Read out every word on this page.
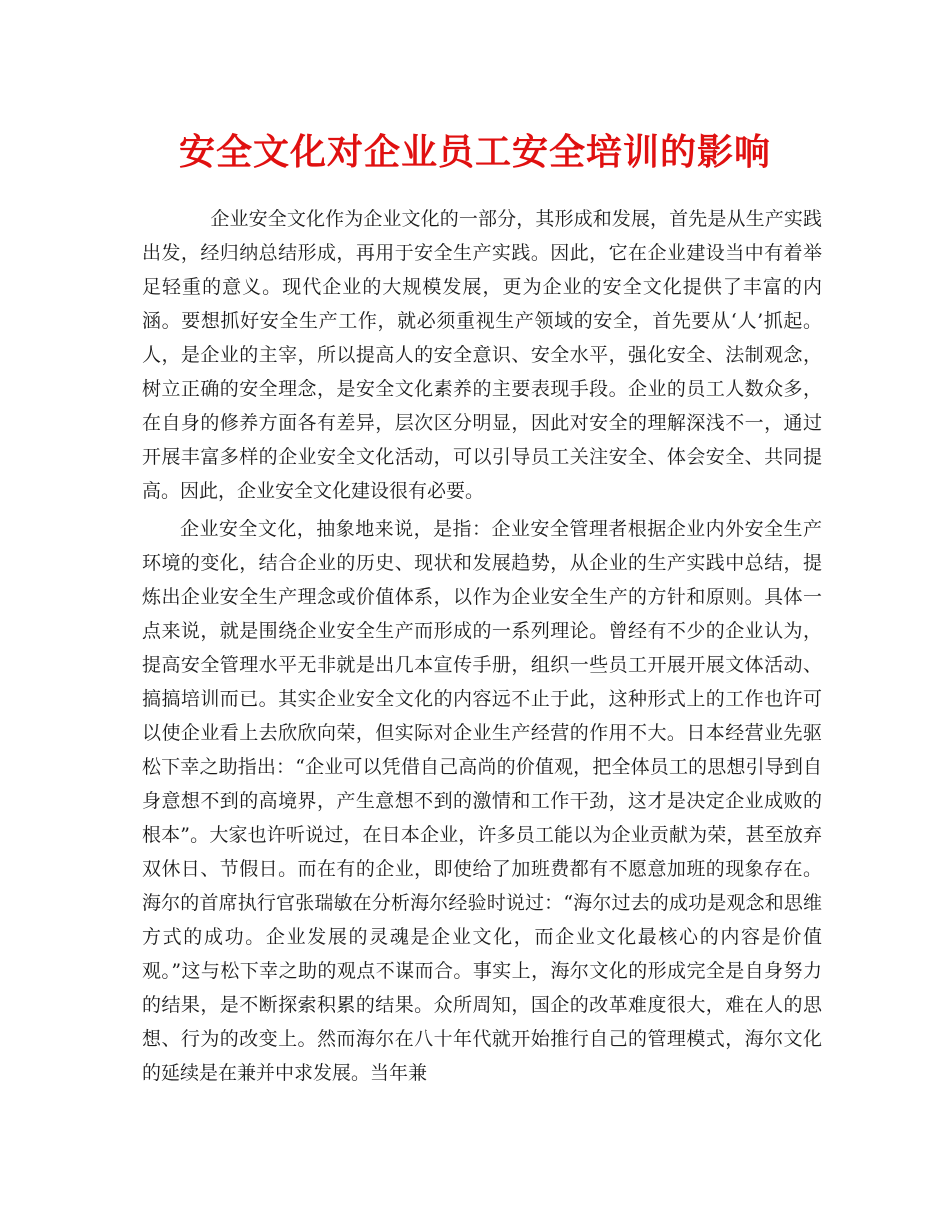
安全文化对企业员工安全培训的影响

企业安全文化作为企业文化的一部分，其形成和发展，首先是从生产实践出发，经归纳总结形成，再用于安全生产实践。因此，它在企业建设当中有着举足轻重的意义。现代企业的大规模发展，更为企业的安全文化提供了丰富的内涵。要想抓好安全生产工作，就必须重视生产领域的安全，首先要从‘人’抓起。人，是企业的主宰，所以提高人的安全意识、安全水平，强化安全、法制观念，树立正确的安全理念，是安全文化素养的主要表现手段。企业的员工人数众多，在自身的修养方面各有差异，层次区分明显，因此对安全的理解深浅不一，通过开展丰富多样的企业安全文化活动，可以引导员工关注安全、体会安全、共同提高。因此，企业安全文化建设很有必要。

企业安全文化，抽象地来说，是指：企业安全管理者根据企业内外安全生产环境的变化，结合企业的历史、现状和发展趋势，从企业的生产实践中总结，提炼出企业安全生产理念或价值体系，以作为企业安全生产的方针和原则。具体一点来说，就是围绕企业安全生产而形成的一系列理论。曾经有不少的企业认为，提高安全管理水平无非就是出几本宣传手册，组织一些员工开展开展文体活动、搞搞培训而已。其实企业安全文化的内容远不止于此，这种形式上的工作也许可以使企业看上去欣欣向荣，但实际对企业生产经营的作用不大。日本经营业先驱松下幸之助指出：“企业可以凭借自己高尚的价值观，把全体员工的思想引导到自身意想不到的高境界，产生意想不到的激情和工作干劲，这才是决定企业成败的根本”。大家也许听说过，在日本企业，许多员工能以为企业贡献为荣，甚至放弃双休日、节假日。而在有的企业，即使给了加班费都有不愿意加班的现象存在。海尔的首席执行官张瑞敏在分析海尔经验时说过：“海尔过去的成功是观念和思维方式的成功。企业发展的灵魂是企业文化，而企业文化最核心的内容是价值观。”这与松下幸之助的观点不谋而合。事实上，海尔文化的形成完全是自身努力的结果，是不断探索积累的结果。众所周知，国企的改革难度很大，难在人的思想、行为的改变上。然而海尔在八十年代就开始推行自己的管理模式，海尔文化的延续是在兼并中求发展。当年兼
